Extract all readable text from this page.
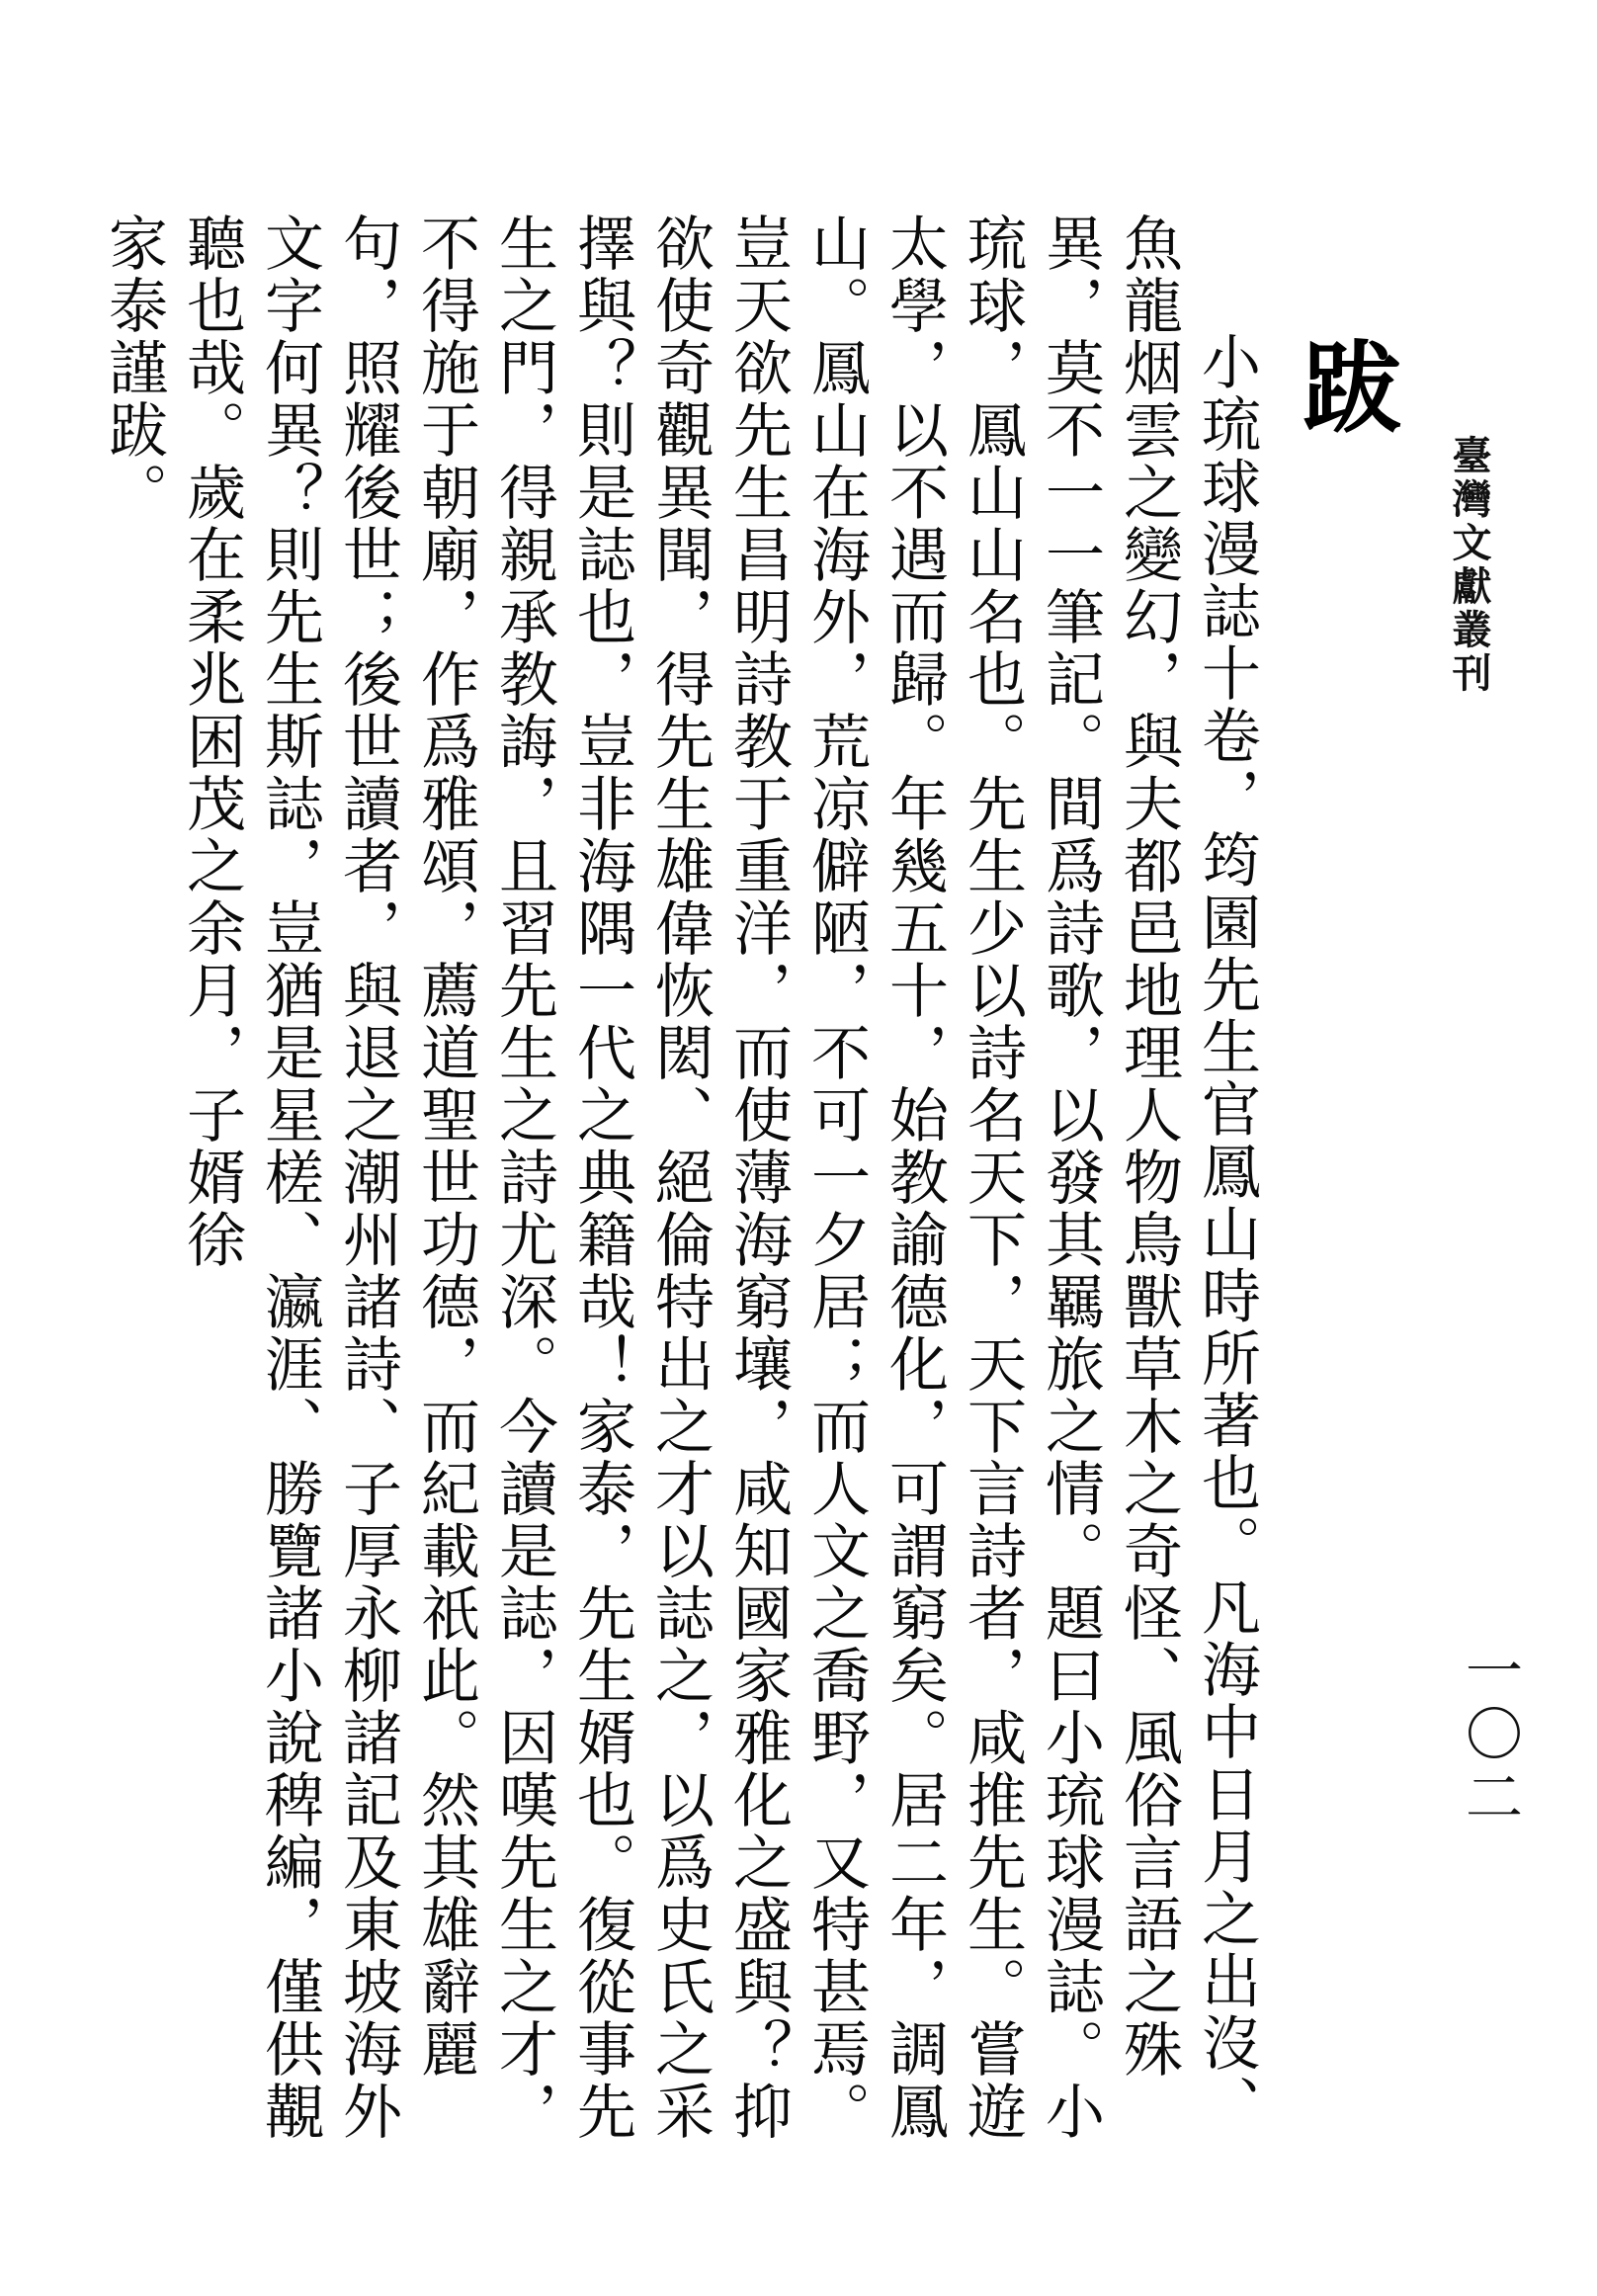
臺灣文獻叢刊
一〇二
跋

小琉球漫誌十卷，筠園先生官鳳山時所著也。凡海中日月之出沒、魚龍烟雲之變幻，與夫都邑地理人物鳥獸草木之奇怪、風俗言語之殊異，莫不一一筆記。間爲詩歌，以發其羈旅之情。題曰小琉球漫誌。小琉球，鳳山山名也。先生少以詩名天下，天下言詩者，咸推先生。嘗遊太學，以不遇而歸。年幾五十，始教諭德化，可謂窮矣。居二年，調鳳山。鳳山在海外，荒凉僻陋，不可一夕居；而人文之喬野，又特甚焉。豈天欲先生昌明詩教于重洋，而使薄海窮壤，咸知國家雅化之盛與？抑欲使奇觀異聞，得先生雄偉恢閎、絕倫特出之才以誌之，以爲史氏之采擇與？則是誌也，豈非海隅一代之典籍哉！家泰，先生婿也。復從事先生之門，得親承教誨，且習先生之詩尤深。今讀是誌，因嘆先生之才，不得施于朝廟，作爲雅頌，薦道聖世功德，而紀載祇此。然其雄辭麗句，照耀後世；後世讀者，與退之潮州諸詩、子厚永柳諸記及東坡海外文字何異？則先生斯誌，豈猶是星槎、瀛涯、勝覽諸小說稗編，僅供覯聽也哉。歲在柔兆困茂之余月，子婿徐

家泰謹跋。
